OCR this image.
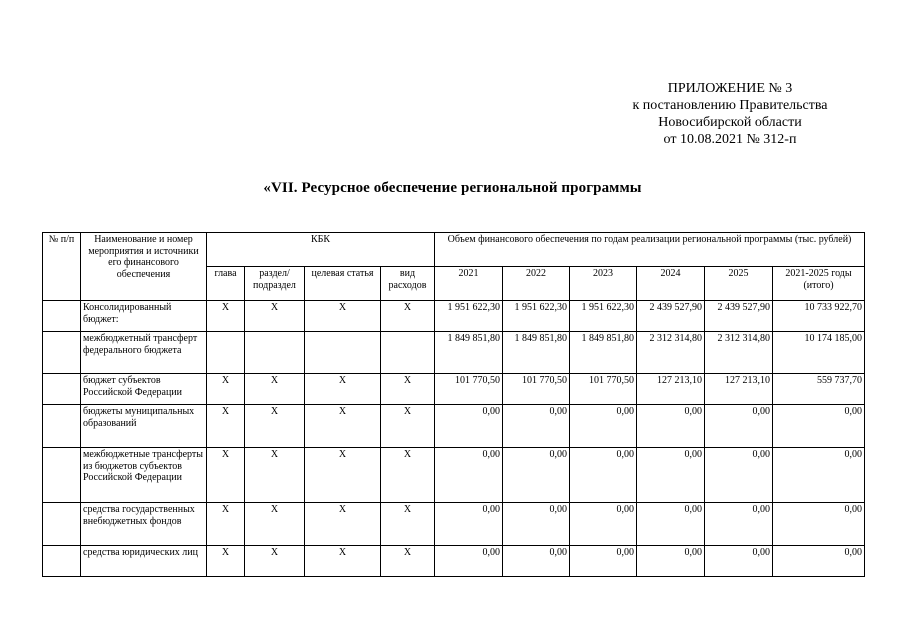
ПРИЛОЖЕНИЕ № 3
к постановлению Правительства
Новосибирской области
от 10.08.2021 № 312-п
«VII. Ресурсное обеспечение региональной программы
№ п/п	Наименование и номер мероприятия и источники его финансового обеспечения	КБК				Объем финансового обеспечения по годам реализации региональной программы (тыс. рублей)					
		глава	раздел/ подраздел	целевая статья	вид расходов	2021	2022	2023	2024	2025	2021-2025 годы (итого)
	Консолидированный бюджет:	X	X	X	X	1 951 622,30	1 951 622,30	1 951 622,30	2 439 527,90	2 439 527,90	10 733 922,70
	межбюджетный трансферт федерального бюджета					1 849 851,80	1 849 851,80	1 849 851,80	2 312 314,80	2 312 314,80	10 174 185,00
	бюджет субъектов Российской Федерации	X	X	X	X	101 770,50	101 770,50	101 770,50	127 213,10	127 213,10	559 737,70
	бюджеты муниципальных образований	X	X	X	X	0,00	0,00	0,00	0,00	0,00	0,00
	межбюджетные трансферты из бюджетов субъектов Российской Федерации	X	X	X	X	0,00	0,00	0,00	0,00	0,00	0,00
	средства государственных внебюджетных фондов	X	X	X	X	0,00	0,00	0,00	0,00	0,00	0,00
	средства юридических лиц	X	X	X	X	0,00	0,00	0,00	0,00	0,00	0,00
